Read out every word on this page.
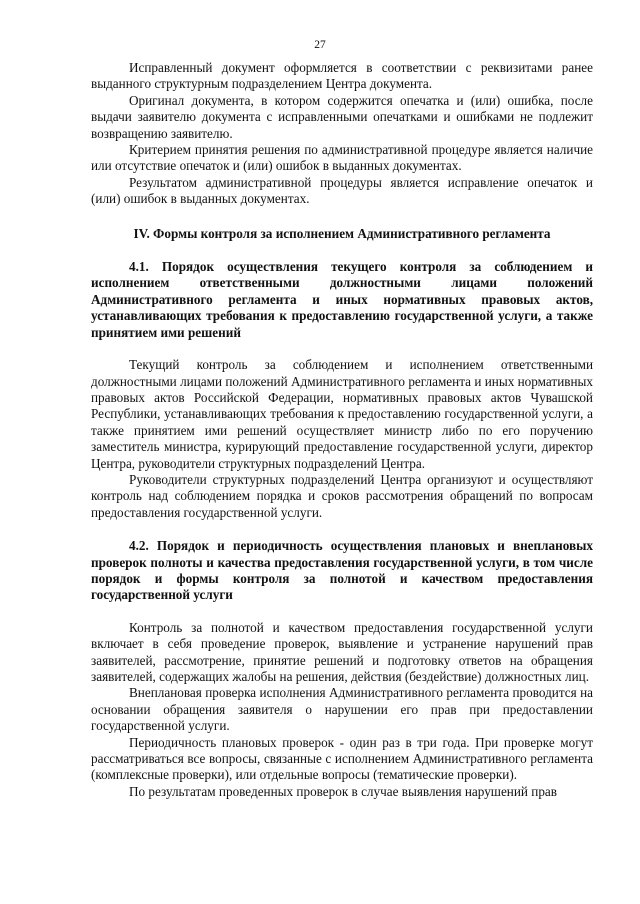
27

Исправленный документ оформляется в соответствии с реквизитами ранее выданного структурным подразделением Центра документа.

Оригинал документа, в котором содержится опечатка и (или) ошибка, после выдачи заявителю документа с исправленными опечатками и ошибками не подлежит возвращению заявителю.

Критерием принятия решения по административной процедуре является наличие или отсутствие опечаток и (или) ошибок в выданных документах.

Результатом административной процедуры является исправление опечаток и (или) ошибок в выданных документах.

IV. Формы контроля за исполнением Административного регламента

4.1. Порядок осуществления текущего контроля за соблюдением и исполнением ответственными должностными лицами положений Административного регламента и иных нормативных правовых актов, устанавливающих требования к предоставлению государственной услуги, а также принятием ими решений

Текущий контроль за соблюдением и исполнением ответственными должностными лицами положений Административного регламента и иных нормативных правовых актов Российской Федерации, нормативных правовых актов Чувашской Республики, устанавливающих требования к предоставлению государственной услуги, а также принятием ими решений осуществляет министр либо по его поручению заместитель министра, курирующий предоставление государственной услуги, директор Центра, руководители структурных подразделений Центра.

Руководители структурных подразделений Центра организуют и осуществляют контроль над соблюдением порядка и сроков рассмотрения обращений по вопросам предоставления государственной услуги.

4.2. Порядок и периодичность осуществления плановых и внеплановых проверок полноты и качества предоставления государственной услуги, в том числе порядок и формы контроля за полнотой и качеством предоставления государственной услуги

Контроль за полнотой и качеством предоставления государственной услуги включает в себя проведение проверок, выявление и устранение нарушений прав заявителей, рассмотрение, принятие решений и подготовку ответов на обращения заявителей, содержащих жалобы на решения, действия (бездействие) должностных лиц.

Внеплановая проверка исполнения Административного регламента проводится на основании обращения заявителя о нарушении его прав при предоставлении государственной услуги.

Периодичность плановых проверок - один раз в три года. При проверке могут рассматриваться все вопросы, связанные с исполнением Административного регламента (комплексные проверки), или отдельные вопросы (тематические проверки).

По результатам проведенных проверок в случае выявления нарушений прав
